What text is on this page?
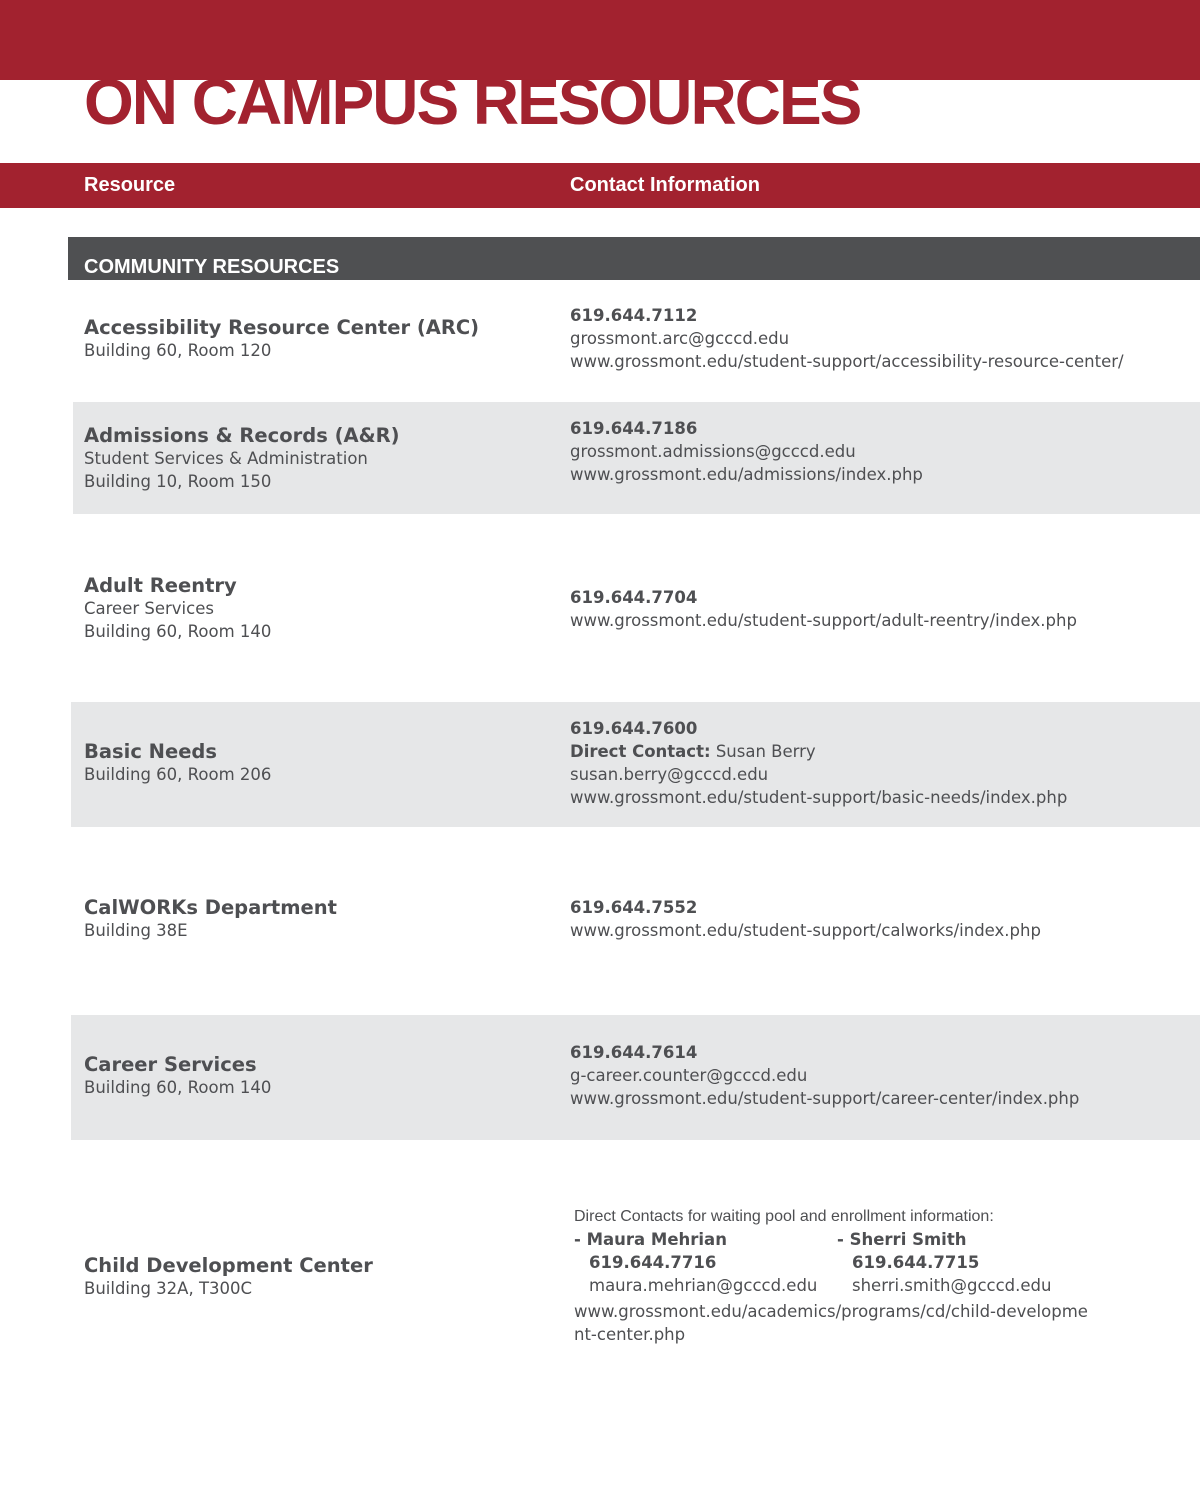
ON CAMPUS RESOURCES
Resource	Contact Information
COMMUNITY RESOURCES
Accessibility Resource Center (ARC)
Building 60, Room 120
619.644.7112
grossmont.arc@gcccd.edu
www.grossmont.edu/student-support/accessibility-resource-center/
Admissions & Records (A&R)
Student Services & Administration
Building 10, Room 150
619.644.7186
grossmont.admissions@gcccd.edu
www.grossmont.edu/admissions/index.php
Adult Reentry
Career Services
Building 60, Room 140
619.644.7704
www.grossmont.edu/student-support/adult-reentry/index.php
Basic Needs
Building 60, Room 206
619.644.7600
Direct Contact: Susan Berry
susan.berry@gcccd.edu
www.grossmont.edu/student-support/basic-needs/index.php
CalWORKs Department
Building 38E
619.644.7552
www.grossmont.edu/student-support/calworks/index.php
Career Services
Building 60, Room 140
619.644.7614
g-career.counter@gcccd.edu
www.grossmont.edu/student-support/career-center/index.php
Child Development Center
Building 32A, T300C
Direct Contacts for waiting pool and enrollment information:
- Maura Mehrian
619.644.7716
maura.mehrian@gcccd.edu
- Sherri Smith
619.644.7715
sherri.smith@gcccd.edu
www.grossmont.edu/academics/programs/cd/child-development-center.php
